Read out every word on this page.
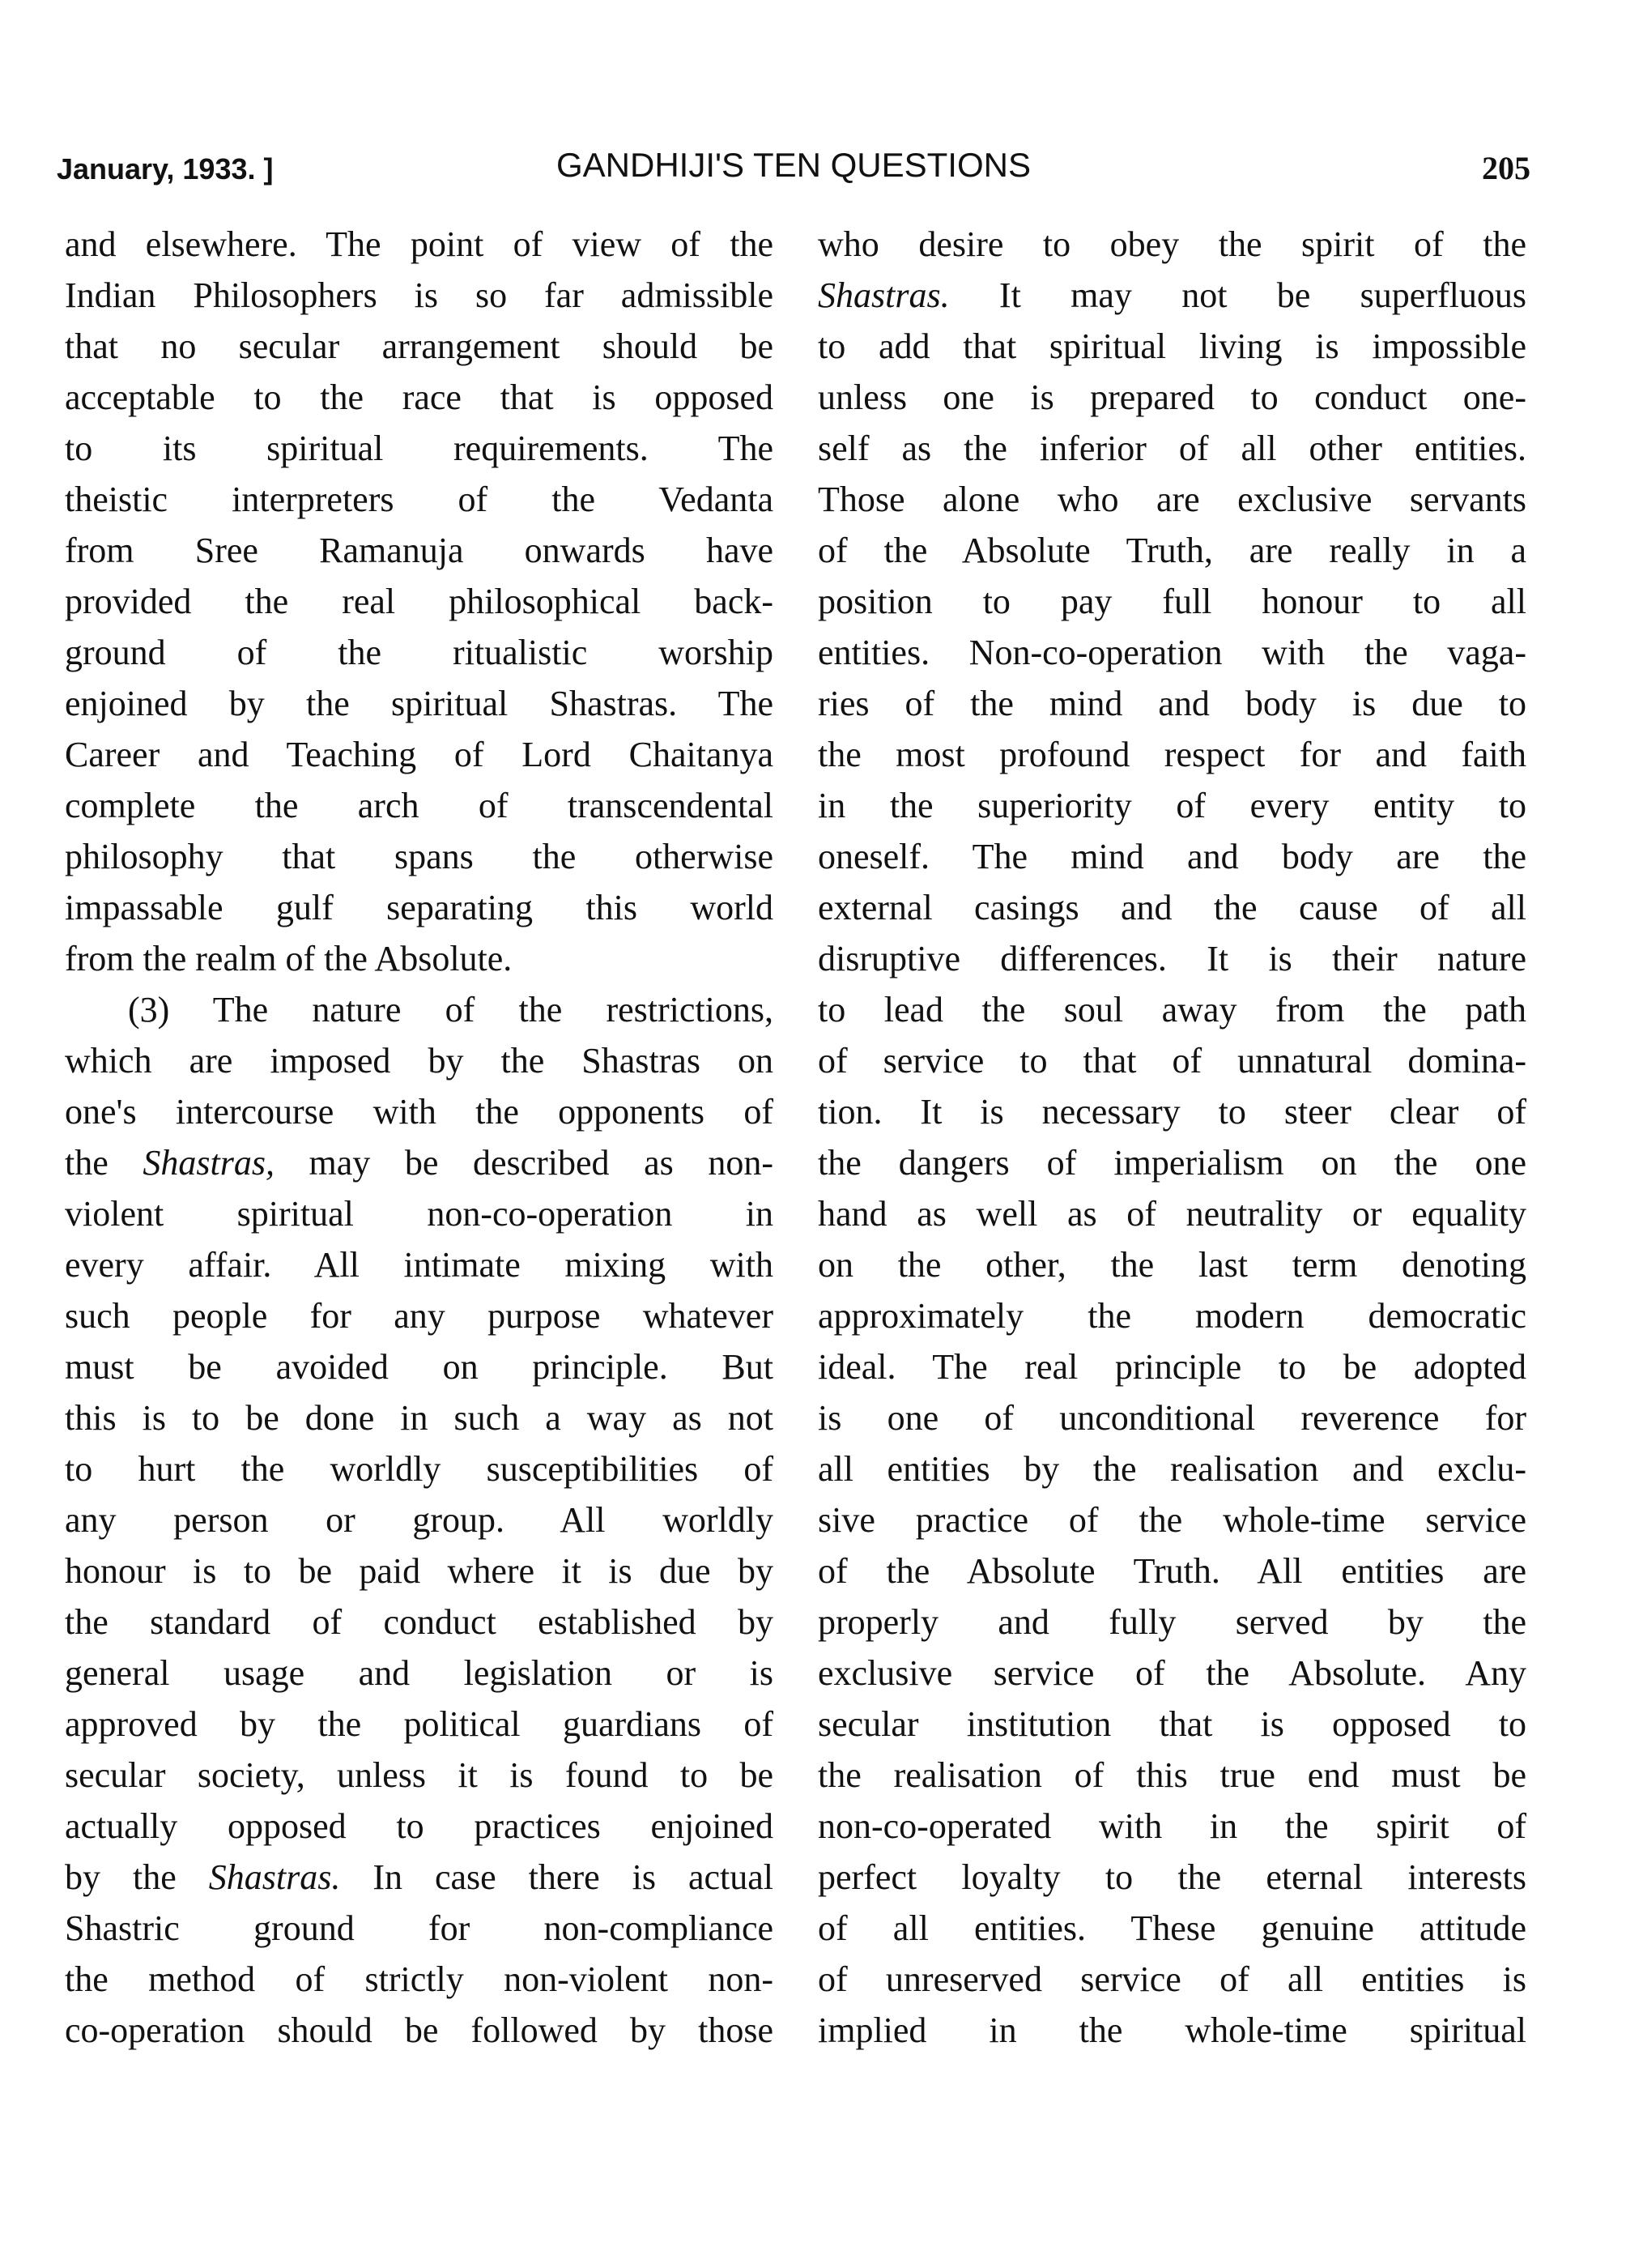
January, 1933. ]	GANDHIJI'S TEN QUESTIONS	205

and elsewhere. The point of view of the
Indian Philosophers is so far admissible
that no secular arrangement should be
acceptable to the race that is opposed
to its spiritual requirements. The
theistic interpreters of the Vedanta
from Sree Ramanuja onwards have
provided the real philosophical back-
ground of the ritualistic worship
enjoined by the spiritual Shastras. The
Career and Teaching of Lord Chaitanya
complete the arch of transcendental
philosophy that spans the otherwise
impassable gulf separating this world
from the realm of the Absolute.

(3) The nature of the restrictions,
which are imposed by the Shastras on
one's intercourse with the opponents of
the Shastras, may be described as non-
violent spiritual non-co-operation in
every affair. All intimate mixing with
such people for any purpose whatever
must be avoided on principle. But
this is to be done in such a way as not
to hurt the worldly susceptibilities of
any person or group. All worldly
honour is to be paid where it is due by
the standard of conduct established by
general usage and legislation or is
approved by the political guardians of
secular society, unless it is found to be
actually opposed to practices enjoined
by the Shastras. In case there is actual
Shastric ground for non-compliance
the method of strictly non-violent non-
co-operation should be followed by those

who desire to obey the spirit of the
Shastras. It may not be superfluous
to add that spiritual living is impossible
unless one is prepared to conduct one-
self as the inferior of all other entities.
Those alone who are exclusive servants
of the Absolute Truth, are really in a
position to pay full honour to all
entities. Non-co-operation with the vaga-
ries of the mind and body is due to
the most profound respect for and faith
in the superiority of every entity to
oneself. The mind and body are the
external casings and the cause of all
disruptive differences. It is their nature
to lead the soul away from the path
of service to that of unnatural domina-
tion. It is necessary to steer clear of
the dangers of imperialism on the one
hand as well as of neutrality or equality
on the other, the last term denoting
approximately the modern democratic
ideal. The real principle to be adopted
is one of unconditional reverence for
all entities by the realisation and exclu-
sive practice of the whole-time service
of the Absolute Truth. All entities are
properly and fully served by the
exclusive service of the Absolute. Any
secular institution that is opposed to
the realisation of this true end must be
non-co-operated with in the spirit of
perfect loyalty to the eternal interests
of all entities. These genuine attitude
of unreserved service of all entities is
implied in the whole-time spiritual
